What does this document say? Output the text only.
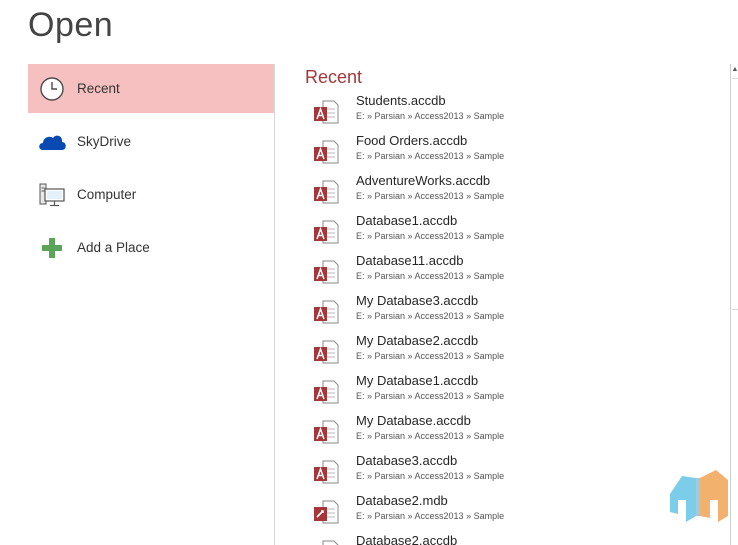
Open
Recent
SkyDrive
Computer
Add a Place
Recent
Students.accdb
E: » Parsian » Access2013 » Sample
Food Orders.accdb
E: » Parsian » Access2013 » Sample
AdventureWorks.accdb
E: » Parsian » Access2013 » Sample
Database1.accdb
E: » Parsian » Access2013 » Sample
Database11.accdb
E: » Parsian » Access2013 » Sample
My Database3.accdb
E: » Parsian » Access2013 » Sample
My Database2.accdb
E: » Parsian » Access2013 » Sample
My Database1.accdb
E: » Parsian » Access2013 » Sample
My Database.accdb
E: » Parsian » Access2013 » Sample
Database3.accdb
E: » Parsian » Access2013 » Sample
Database2.mdb
E: » Parsian » Access2013 » Sample
Database2.accdb
▲
